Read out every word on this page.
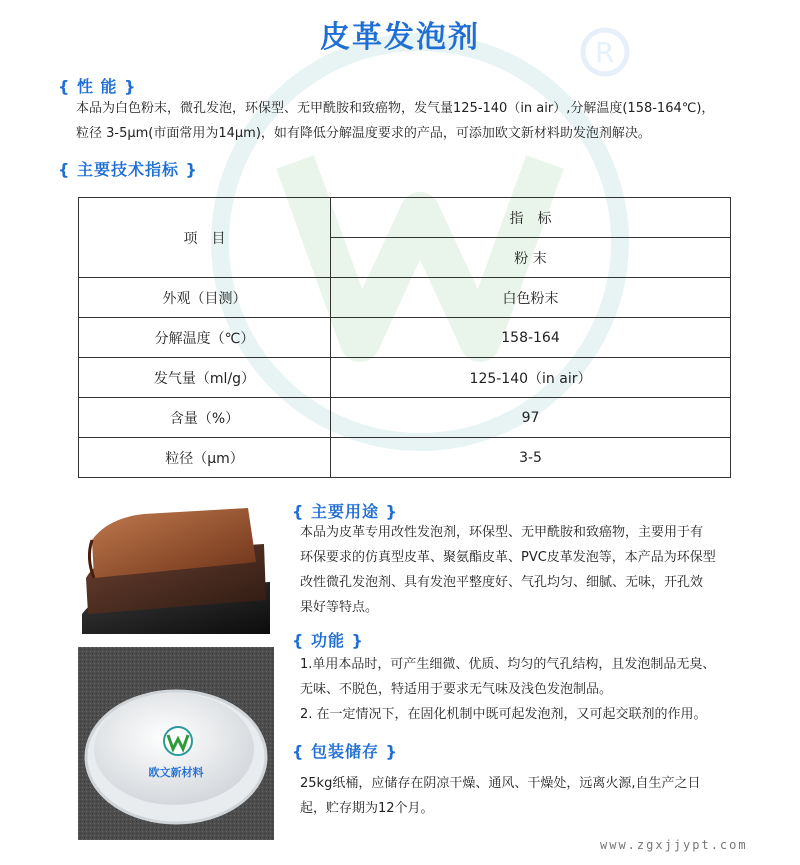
R
皮革发泡剂
{ 性 能 }
本品为白色粉末，微孔发泡，环保型、无甲酰胺和致癌物，发气量125-140（in air）,分解温度(158-164℃)，
粒径 3-5μm(市面常用为14μm)，如有降低分解温度要求的产品，可添加欧文新材料助发泡剂解决。
{ 主要技术指标 }
项　目	指　标
	粉 末
外观（目测）	白色粉末
分解温度（℃）	158-164
发气量（ml/g）	125-140（in air）
含量（%）	97
粒径（μm）	3-5
欧文新材料
{ 主要用途 }
本品为皮革专用改性发泡剂，环保型、无甲酰胺和致癌物，主要用于有
环保要求的仿真型皮革、聚氨酯皮革、PVC皮革发泡等，本产品为环保型
改性微孔发泡剂、具有发泡平整度好、气孔均匀、细腻、无味，开孔效
果好等特点。
{ 功能 }
1.单用本品时，可产生细微、优质、均匀的气孔结构，且发泡制品无臭、
无味、不脱色，特适用于要求无气味及浅色发泡制品。
2. 在一定情况下，在固化机制中既可起发泡剂，又可起交联剂的作用。
{ 包装储存 }
25kg纸桶，应储存在阴凉干燥、通风、干燥处，远离火源,自生产之日
起，贮存期为12个月。
www.zgxjjypt.com
